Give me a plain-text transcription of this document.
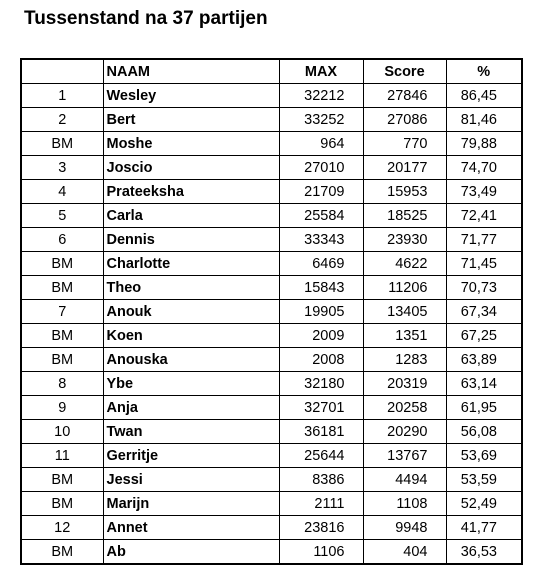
Tussenstand na 37 partijen
	NAAM	MAX	Score	%
1	Wesley	32212	27846	86,45
2	Bert	33252	27086	81,46
BM	Moshe	964	770	79,88
3	Joscio	27010	20177	74,70
4	Prateeksha	21709	15953	73,49
5	Carla	25584	18525	72,41
6	Dennis	33343	23930	71,77
BM	Charlotte	6469	4622	71,45
BM	Theo	15843	11206	70,73
7	Anouk	19905	13405	67,34
BM	Koen	2009	1351	67,25
BM	Anouska	2008	1283	63,89
8	Ybe	32180	20319	63,14
9	Anja	32701	20258	61,95
10	Twan	36181	20290	56,08
11	Gerritje	25644	13767	53,69
BM	Jessi	8386	4494	53,59
BM	Marijn	2111	1108	52,49
12	Annet	23816	9948	41,77
BM	Ab	1106	404	36,53
